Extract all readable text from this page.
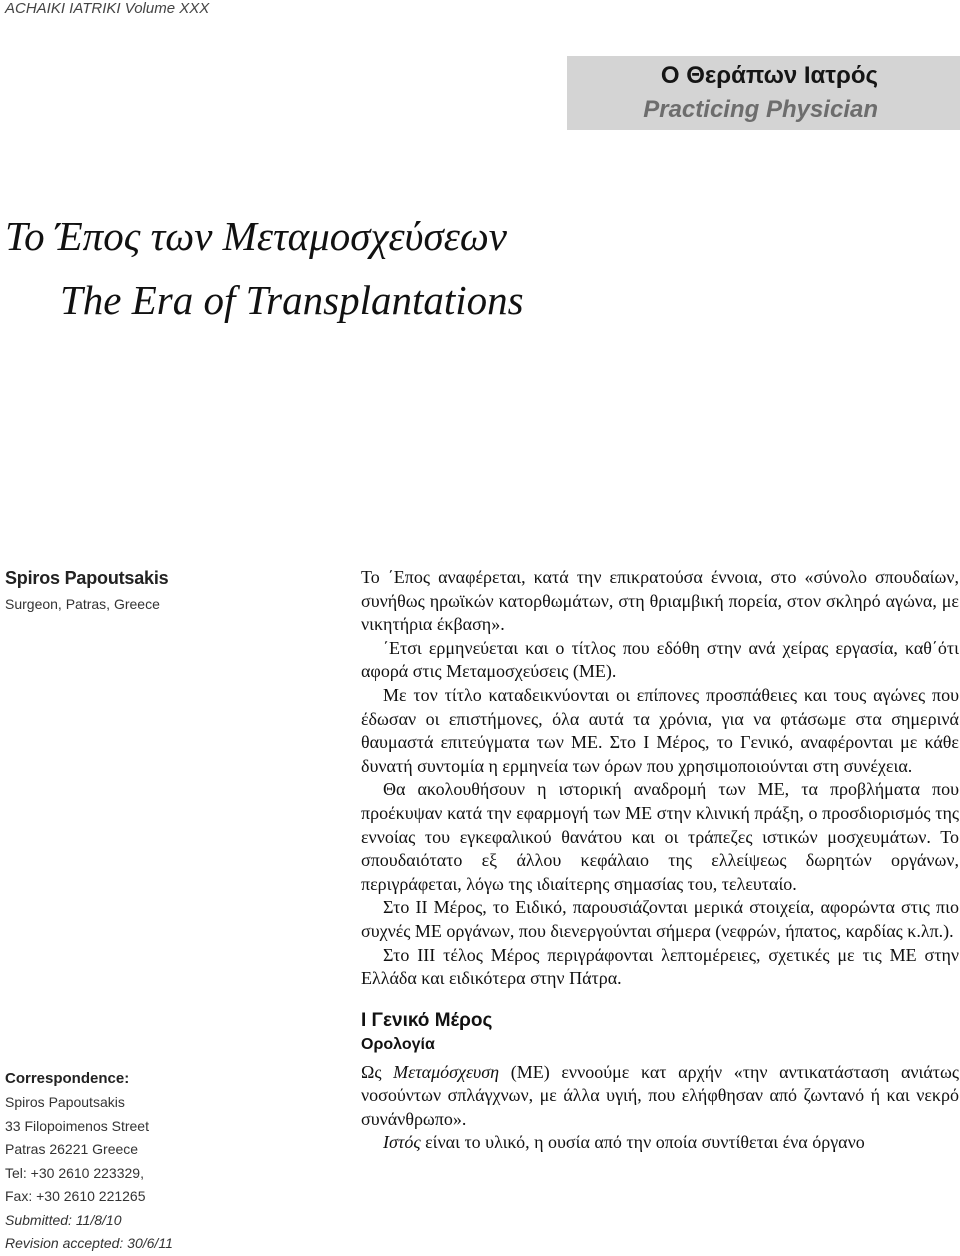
ACHAIKI IATRIKI Volume XXX
Ο Θεράπων Ιατρός
Practicing Physician
Το Έπος των Μεταμοσχεύσεων
The Era of Transplantations
Spiros Papoutsakis
Surgeon, Patras, Greece
Correspondence:
Spiros Papoutsakis
33 Filopoimenos Street
Patras 26221 Greece
Tel: +30 2610 223329,
Fax: +30 2610 221265
Submitted: 11/8/10
Revision accepted: 30/6/11

Το ΄Επος αναφέρεται, κατά την επικρατούσα έννοια, στο «σύνολο σπουδαίων, συνήθως ηρωϊκών κατορθωμάτων, στη θριαμβική πορεία, στον σκληρό αγώνα, με νικητήρια έκβαση».

΄Ετσι ερμηνεύεται και ο τίτλος που εδόθη στην ανά χείρας εργασία, καθ΄ότι αφορά στις Μεταμοσχεύσεις (ΜΕ).

Με τον τίτλο καταδεικνύονται οι επίπονες προσπάθειες και τους αγώνες που έδωσαν οι επιστήμονες, όλα αυτά τα χρόνια, για να φτάσωμε στα σημερινά θαυμαστά επιτεύγματα των ΜΕ. Στο Ι Μέρος, το Γενικό, αναφέρονται με κάθε δυνατή συντομία η ερμηνεία των όρων που χρησιμοποιούνται στη συνέχεια.

Θα ακολουθήσουν η ιστορική αναδρομή των ΜΕ, τα προβλήματα που προέκυψαν κατά την εφαρμογή των ΜΕ στην κλινική πράξη, ο προσδιορισμός της εννοίας του εγκεφαλικού θανάτου και οι τράπεζες ιστικών μοσχευμάτων. Το σπουδαιότατο εξ άλλου κεφάλαιο της ελλείψεως δωρητών οργάνων, περιγράφεται, λόγω της ιδιαίτερης σημασίας του, τελευταίο.

Στο ΙΙ Μέρος, το Ειδικό, παρουσιάζονται μερικά στοιχεία, αφορώντα στις πιο συχνές ΜΕ οργάνων, που διενεργούνται σήμερα (νεφρών, ήπατος, καρδίας κ.λπ.).

Στο ΙΙΙ τέλος Μέρος περιγράφονται λεπτομέρειες, σχετικές με τις ΜΕ στην Ελλάδα και ειδικότερα στην Πάτρα.

Ι Γενικό Μέρος
Ορολογία

Ως Μεταμόσχευση (ΜΕ) εννοούμε κατ αρχήν «την αντικατάσταση ανιάτως νοσούντων σπλάγχνων, με άλλα υγιή, που ελήφθησαν από ζωντανό ή και νεκρό συνάνθρωπο».

Ιστός είναι το υλικό, η ουσία από την οποία συντίθεται ένα όργανο
